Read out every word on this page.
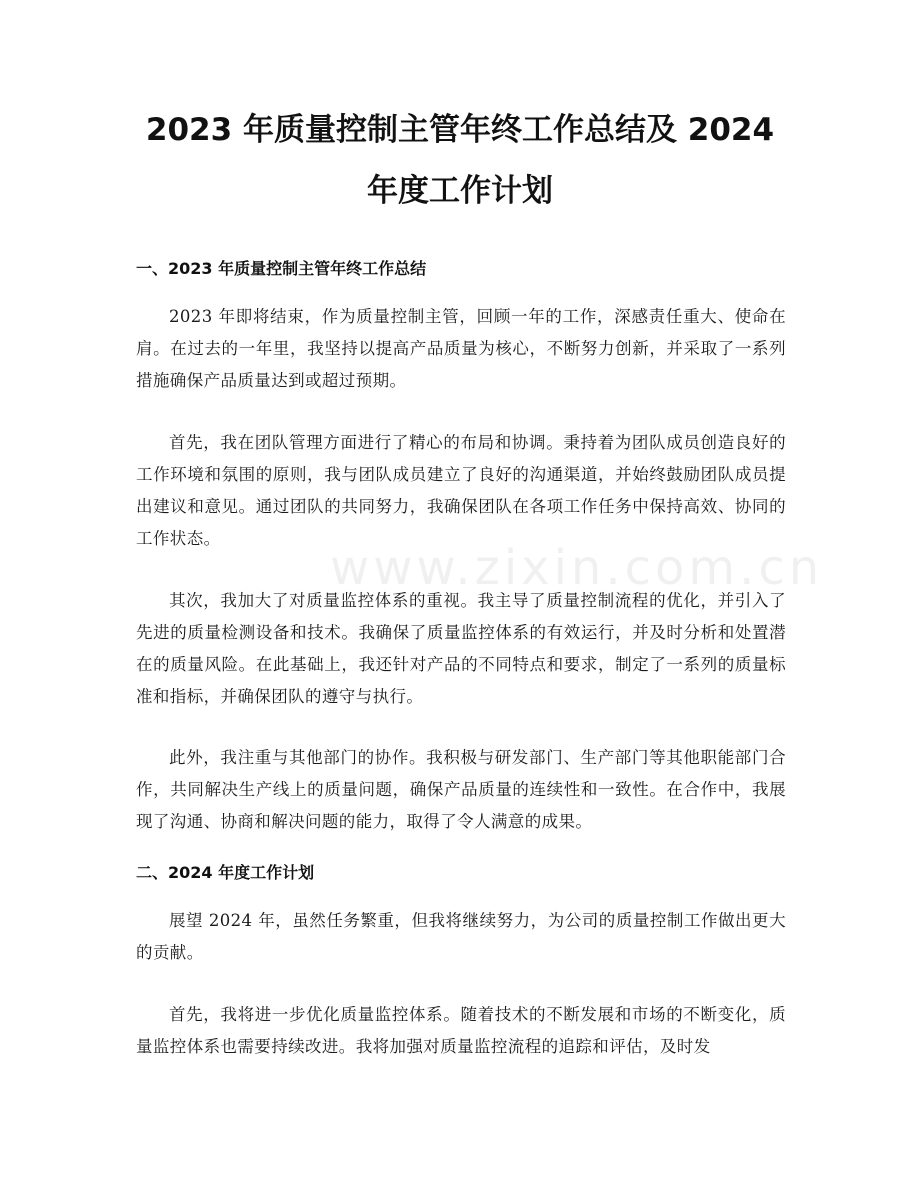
www.zixin.com.cn
2023 年质量控制主管年终工作总结及 2024
年度工作计划
一、2023 年质量控制主管年终工作总结

2023 年即将结束，作为质量控制主管，回顾一年的工作，深感责任重大、使命在肩。在过去的一年里，我坚持以提高产品质量为核心，不断努力创新，并采取了一系列措施确保产品质量达到或超过预期。

首先，我在团队管理方面进行了精心的布局和协调。秉持着为团队成员创造良好的工作环境和氛围的原则，我与团队成员建立了良好的沟通渠道，并始终鼓励团队成员提出建议和意见。通过团队的共同努力，我确保团队在各项工作任务中保持高效、协同的工作状态。

其次，我加大了对质量监控体系的重视。我主导了质量控制流程的优化，并引入了先进的质量检测设备和技术。我确保了质量监控体系的有效运行，并及时分析和处置潜在的质量风险。在此基础上，我还针对产品的不同特点和要求，制定了一系列的质量标准和指标，并确保团队的遵守与执行。

此外，我注重与其他部门的协作。我积极与研发部门、生产部门等其他职能部门合作，共同解决生产线上的质量问题，确保产品质量的连续性和一致性。在合作中，我展现了沟通、协商和解决问题的能力，取得了令人满意的成果。

二、2024 年度工作计划

展望 2024 年，虽然任务繁重，但我将继续努力，为公司的质量控制工作做出更大的贡献。

首先，我将进一步优化质量监控体系。随着技术的不断发展和市场的不断变化，质量监控体系也需要持续改进。我将加强对质量监控流程的追踪和评估，及时发
